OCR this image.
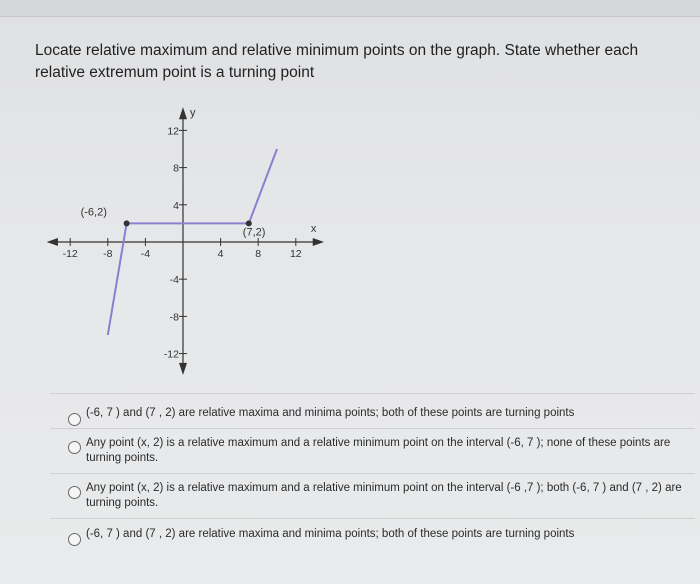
Locate relative maximum and relative minimum points on the graph. State whether each relative extremum point is a turning point
y
x
-12 -8	-4	4	8	12
12
8
4
-4
-8
-12
(-6,2)
(7,2)
(-6, 7 ) and (7 , 2) are relative maxima and minima points; both of these points are turning points
Any point (x, 2) is a relative maximum and a relative minimum point on the interval (-6, 7 ); none of these points are turning points.
Any point (x, 2) is a relative maximum and a relative minimum point on the interval (-6 ,7 ); both (-6, 7 ) and (7 , 2) are turning points.
(-6, 7 ) and (7 , 2) are relative maxima and minima points; both of these points are turning points
